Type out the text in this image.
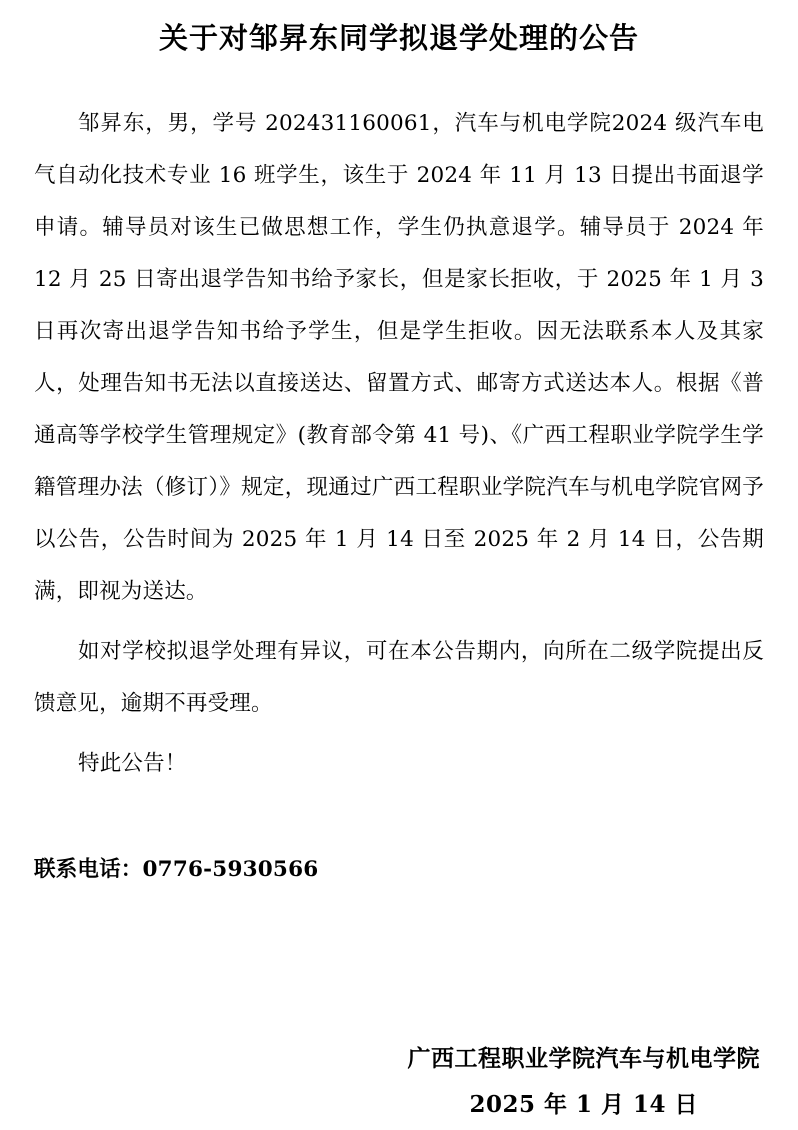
关于对邹昇东同学拟退学处理的公告

邹昇东，男，学号 202431160061，汽车与机电学院2024 级汽车电气自动化技术专业 16 班学生，该生于 2024 年 11 月 13 日提出书面退学申请。辅导员对该生已做思想工作，学生仍执意退学。辅导员于 2024 年 12 月 25 日寄出退学告知书给予家长，但是家长拒收，于 2025 年 1 月 3 日再次寄出退学告知书给予学生，但是学生拒收。因无法联系本人及其家人，处理告知书无法以直接送达、留置方式、邮寄方式送达本人。根据《普通高等学校学生管理规定》(教育部令第 41 号)、《广西工程职业学院学生学籍管理办法（修订）》规定，现通过广西工程职业学院汽车与机电学院官网予以公告，公告时间为 2025 年 1 月 14 日至 2025 年 2 月 14 日，公告期满，即视为送达。

如对学校拟退学处理有异议，可在本公告期内，向所在二级学院提出反馈意见，逾期不再受理。

特此公告！

联系电话：0776-5930566
广西工程职业学院汽车与机电学院
2025 年 1 月 14 日
